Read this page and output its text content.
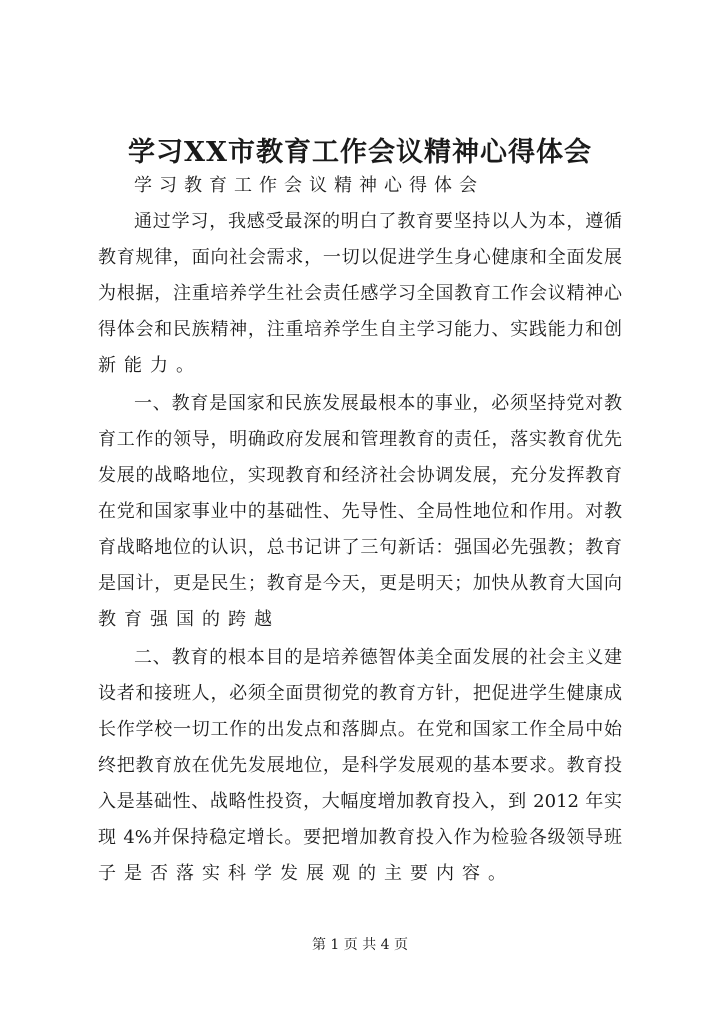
学习XX市教育工作会议精神心得体会
学习教育工作会议精神心得体会
通过学习，我感受最深的明白了教育要坚持以人为本，遵循
教育规律，面向社会需求，一切以促进学生身心健康和全面发展
为根据，注重培养学生社会责任感学习全国教育工作会议精神心
得体会和民族精神，注重培养学生自主学习能力、实践能力和创
新能力。
一、教育是国家和民族发展最根本的事业，必须坚持党对教
育工作的领导，明确政府发展和管理教育的责任，落实教育优先
发展的战略地位，实现教育和经济社会协调发展，充分发挥教育
在党和国家事业中的基础性、先导性、全局性地位和作用。对教
育战略地位的认识，总书记讲了三句新话：强国必先强教；教育
是国计，更是民生；教育是今天，更是明天；加快从教育大国向
教育强国的跨越
二、教育的根本目的是培养德智体美全面发展的社会主义建
设者和接班人，必须全面贯彻党的教育方针，把促进学生健康成
长作学校一切工作的出发点和落脚点。在党和国家工作全局中始
终把教育放在优先发展地位，是科学发展观的基本要求。教育投
入是基础性、战略性投资，大幅度增加教育投入，到 2012 年实
现 4%并保持稳定增长。要把增加教育投入作为检验各级领导班
子是否落实科学发展观的主要内容。
第 1 页 共 4 页
